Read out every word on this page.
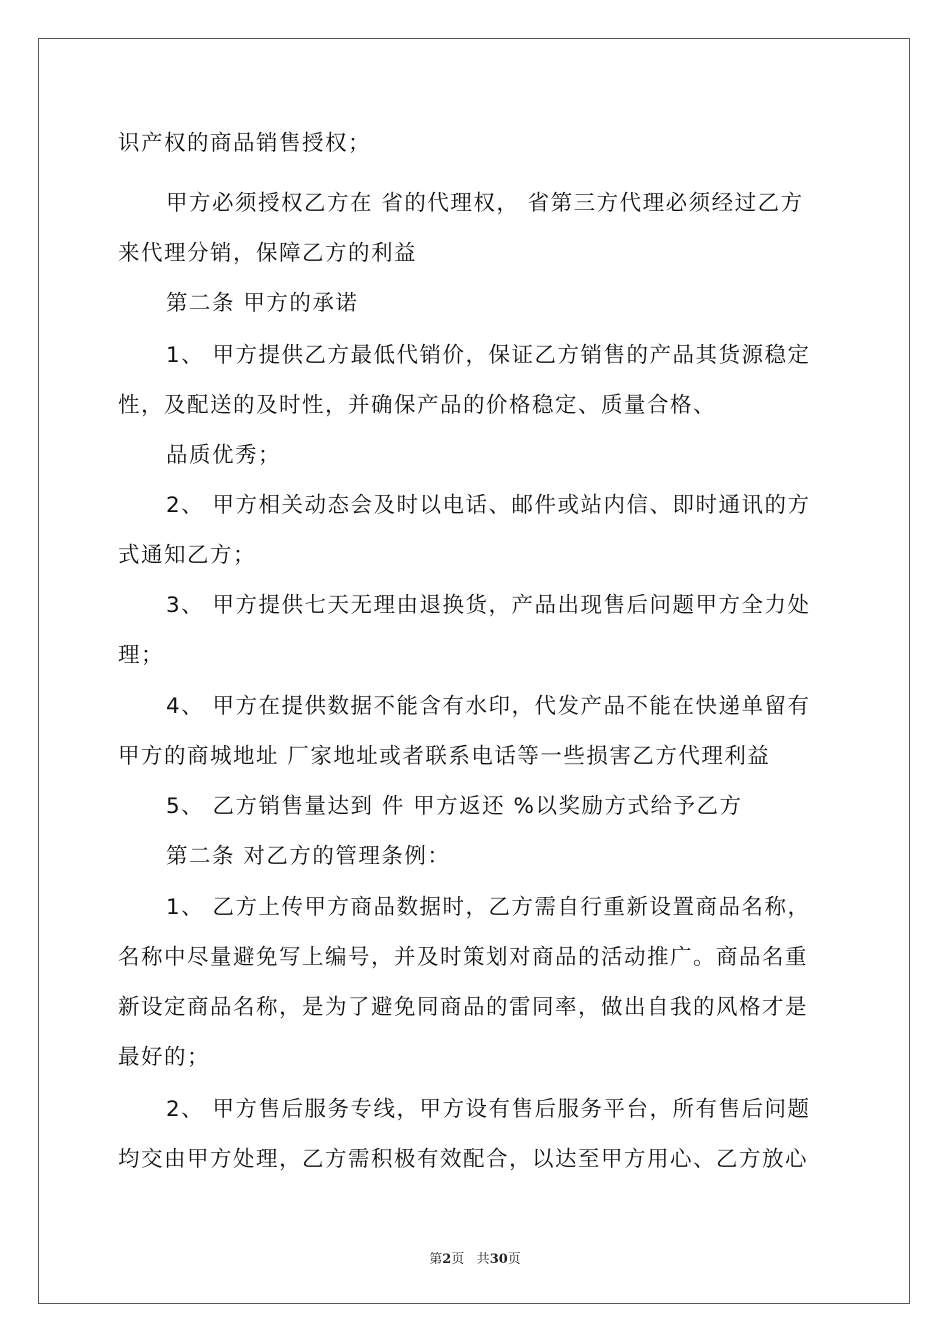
识产权的商品销售授权；
甲方必须授权乙方在 省的代理权， 省第三方代理必须经过乙方
来代理分销，保障乙方的利益
第二条 甲方的承诺
1、 甲方提供乙方最低代销价，保证乙方销售的产品其货源稳定
性，及配送的及时性，并确保产品的价格稳定、质量合格、
品质优秀；
2、 甲方相关动态会及时以电话、邮件或站内信、即时通讯的方
式通知乙方；
3、 甲方提供七天无理由退换货，产品出现售后问题甲方全力处
理；
4、 甲方在提供数据不能含有水印，代发产品不能在快递单留有
甲方的商城地址 厂家地址或者联系电话等一些损害乙方代理利益
5、 乙方销售量达到 件 甲方返还 %以奖励方式给予乙方
第二条 对乙方的管理条例：
1、 乙方上传甲方商品数据时，乙方需自行重新设置商品名称，
名称中尽量避免写上编号，并及时策划对商品的活动推广。商品名重
新设定商品名称，是为了避免同商品的雷同率，做出自我的风格才是
最好的；
2、 甲方售后服务专线，甲方设有售后服务平台，所有售后问题
均交由甲方处理，乙方需积极有效配合，以达至甲方用心、乙方放心
第2页 共30页
